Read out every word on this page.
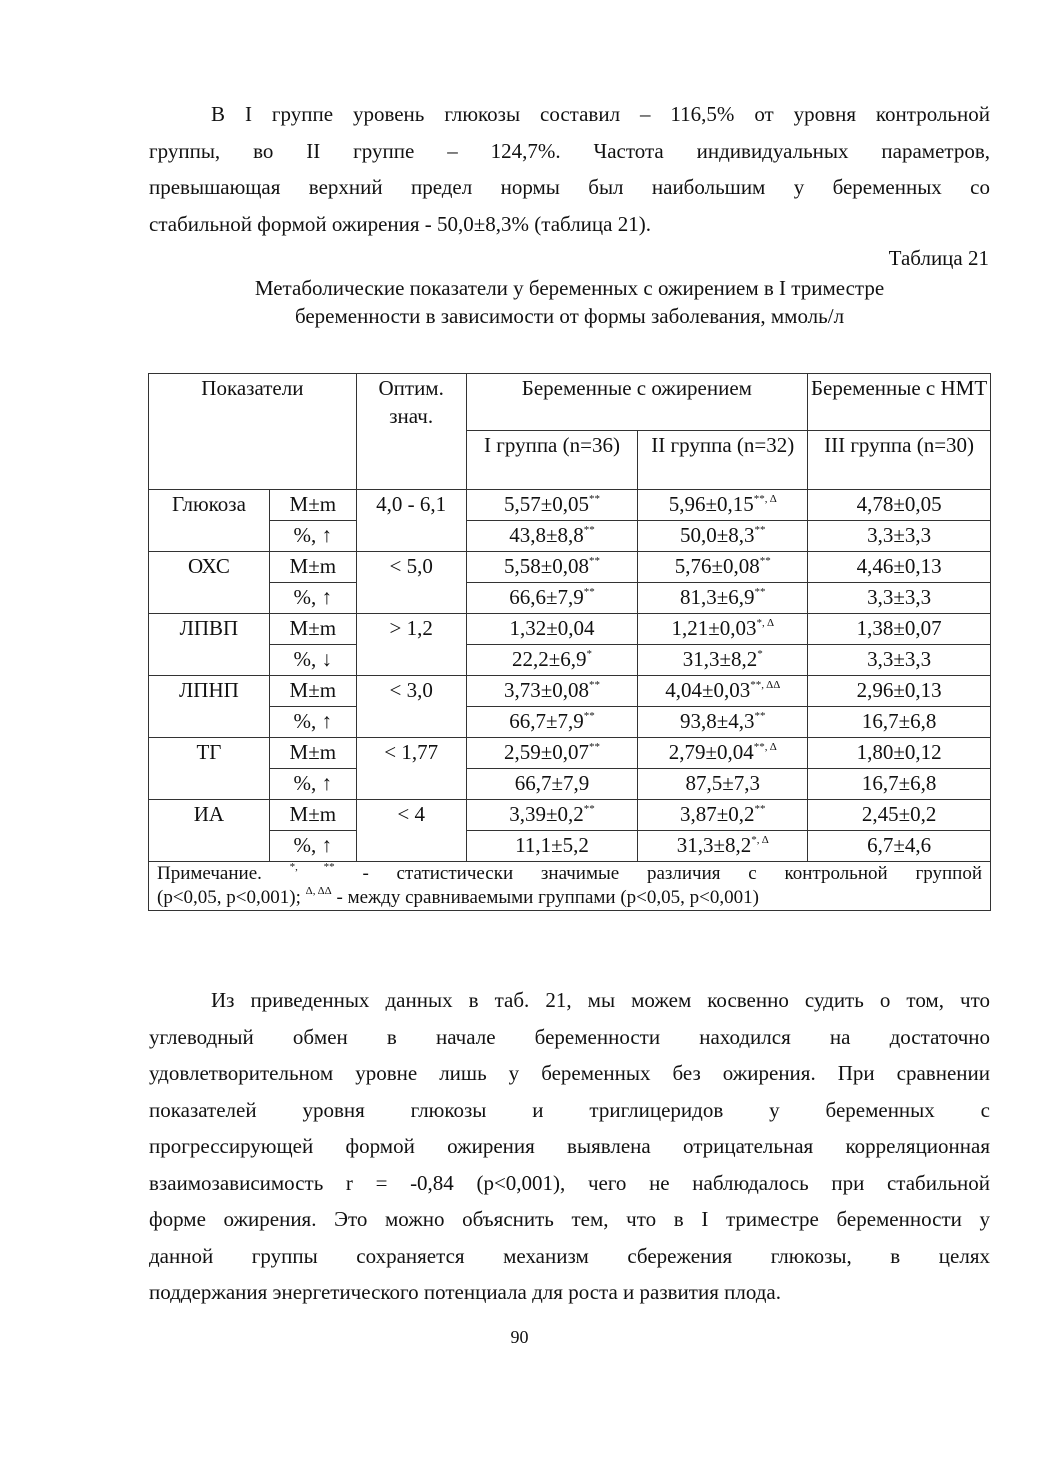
В I группе уровень глюкозы составил – 116,5% от уровня контрольной
группы, во II группе – 124,7%. Частота индивидуальных параметров,
превышающая верхний предел нормы был наибольшим у беременных со
стабильной формой ожирения - 50,0±8,3% (таблица 21).
Таблица 21
Метаболические показатели у беременных с ожирением в I триместре
беременности в зависимости от формы заболевания, ммоль/л
Показатели		Оптим. знач.	Беременные с ожирением		Беременные с НМТ
			I группа (n=36)	II группа (n=32)	III группа (n=30)
Глюкоза	M±m	4,0 - 6,1	5,57±0,05**	$5,96\pm 0,15^{**, \Delta}$	4,78±0,05
	%, ↑		43,8±8,8**	50,0±8,3**	3,3±3,3
ОХС	M±m	< 5,0	5,58±0,08**	5,76±0,08**	4,46±0,13
	%, ↑		66,6±7,9**	81,3±6,9**	3,3±3,3
ЛПВП	M±m	> 1,2	1,32±0,04	$1,21\pm 0,03^{*, \Delta}$	1,38±0,07
	%, ↓		22,2±6,9*	31,3±8,2*	3,3±3,3
ЛПНП	M±m	< 3,0	3,73±0,08**	$4,04\pm 0,03^{**, \Delta\Delta}$	2,96±0,13
	%, ↑		66,7±7,9**	93,8±4,3**	16,7±6,8
ТГ	M±m	< 1,77	2,59±0,07**	$2,79\pm 0,04^{**, \Delta}$	1,80±0,12
	%, ↑		66,7±7,9	87,5±7,3	16,7±6,8
ИА	M±m	< 4	3,39±0,2**	3,87±0,2**	2,45±0,2
	%, ↑		11,1±5,2	$31,3\pm 8,2^{*, \Delta}$	6,7±4,6

Примечание. *, ** - статистически значимые различия с контрольной группой
(p<0,05, p<0,001); $^{\Delta, \Delta\Delta}$ - между сравниваемыми группами (p<0,05, p<0,001)					
Из приведенных данных в таб. 21, мы можем косвенно судить о том, что
углеводный обмен в начале беременности находился на достаточно
удовлетворительном уровне лишь у беременных без ожирения. При сравнении
показателей уровня глюкозы и триглицеридов у беременных с
прогрессирующей формой ожирения выявлена отрицательная корреляционная
взаимозависимость r = -0,84 (p<0,001), чего не наблюдалось при стабильной
форме ожирения. Это можно объяснить тем, что в I триместре беременности у
данной группы сохраняется механизм сбережения глюкозы, в целях
поддержания энергетического потенциала для роста и развития плода.
90
